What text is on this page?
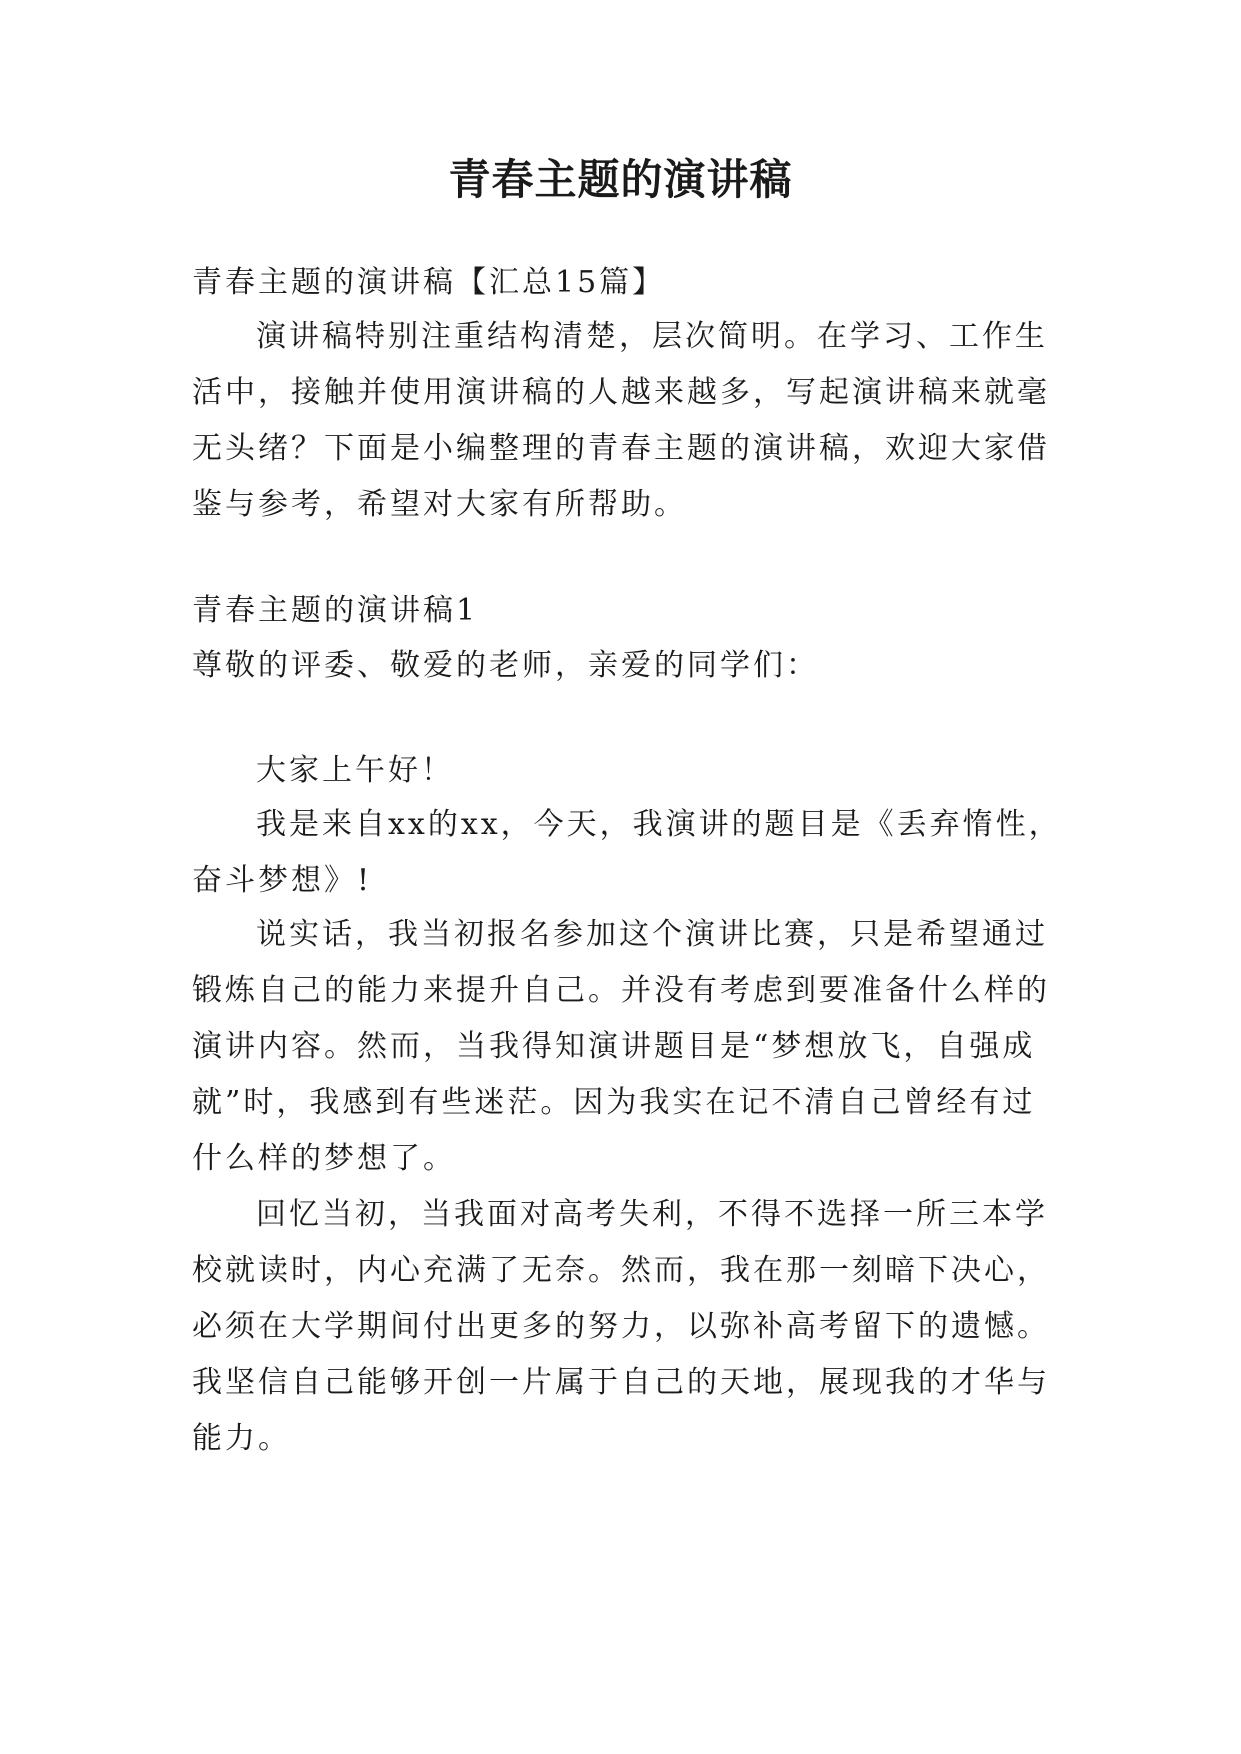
青春主题的演讲稿
青春主题的演讲稿【汇总15篇】
演讲稿特别注重结构清楚，层次简明。在学习、工作生
活中，接触并使用演讲稿的人越来越多，写起演讲稿来就毫
无头绪？下面是小编整理的青春主题的演讲稿，欢迎大家借
鉴与参考，希望对大家有所帮助。
青春主题的演讲稿1
尊敬的评委、敬爱的老师，亲爱的同学们：
大家上午好！
我是来自xx的xx，今天，我演讲的题目是《丢弃惰性，
奋斗梦想》!
说实话，我当初报名参加这个演讲比赛，只是希望通过
锻炼自己的能力来提升自己。并没有考虑到要准备什么样的
演讲内容。然而，当我得知演讲题目是“梦想放飞，自强成
就”时，我感到有些迷茫。因为我实在记不清自己曾经有过
什么样的梦想了。
回忆当初，当我面对高考失利，不得不选择一所三本学
校就读时，内心充满了无奈。然而，我在那一刻暗下决心，
必须在大学期间付出更多的努力，以弥补高考留下的遗憾。
我坚信自己能够开创一片属于自己的天地，展现我的才华与
能力。
